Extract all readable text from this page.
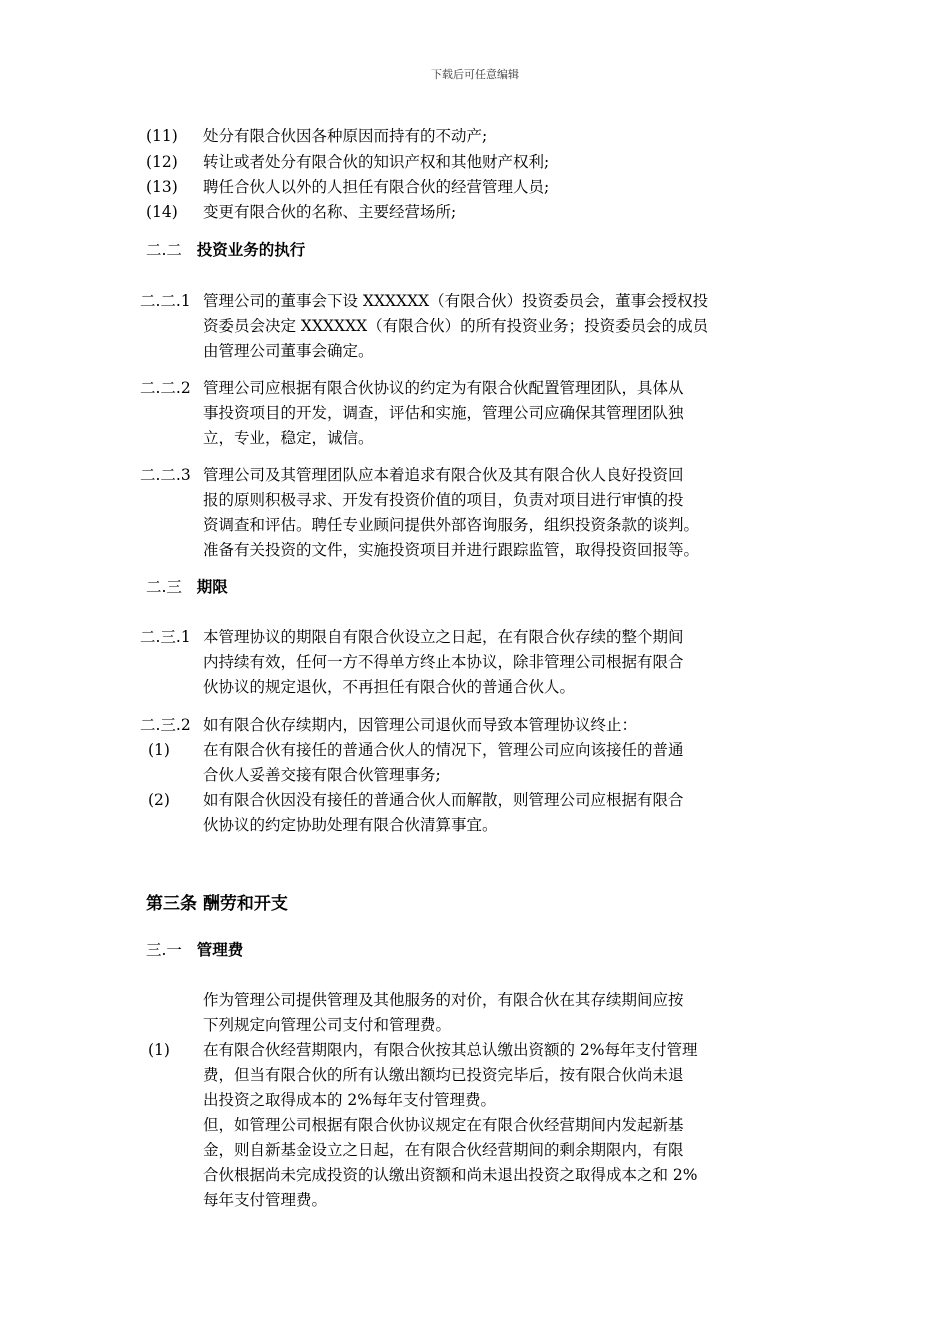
下载后可任意编辑
(11) 处分有限合伙因各种原因而持有的不动产;
(12) 转让或者处分有限合伙的知识产权和其他财产权利;
(13) 聘任合伙人以外的人担任有限合伙的经营管理人员;
(14) 变更有限合伙的名称、主要经营场所;
二.二 投资业务的执行
二.二.1 管理公司的董事会下设 XXXXXX（有限合伙）投资委员会，董事会授权投
资委员会决定 XXXXXX（有限合伙）的所有投资业务；投资委员会的成员
由管理公司董事会确定。
二.二.2 管理公司应根据有限合伙协议的约定为有限合伙配置管理团队，具体从
事投资项目的开发，调查，评估和实施，管理公司应确保其管理团队独
立，专业，稳定，诚信。
二.二.3 管理公司及其管理团队应本着追求有限合伙及其有限合伙人良好投资回
报的原则积极寻求、开发有投资价值的项目，负责对项目进行审慎的投
资调查和评估。聘任专业顾问提供外部咨询服务，组织投资条款的谈判。
准备有关投资的文件，实施投资项目并进行跟踪监管，取得投资回报等。
二.三 期限
二.三.1 本管理协议的期限自有限合伙设立之日起，在有限合伙存续的整个期间
内持续有效，任何一方不得单方终止本协议，除非管理公司根据有限合
伙协议的规定退伙，不再担任有限合伙的普通合伙人。
二.三.2 如有限合伙存续期内，因管理公司退伙而导致本管理协议终止：
(1) 在有限合伙有接任的普通合伙人的情况下，管理公司应向该接任的普通
合伙人妥善交接有限合伙管理事务;
(2) 如有限合伙因没有接任的普通合伙人而解散，则管理公司应根据有限合
伙协议的约定协助处理有限合伙清算事宜。
第三条 酬劳和开支
三.一 管理费
作为管理公司提供管理及其他服务的对价，有限合伙在其存续期间应按
下列规定向管理公司支付和管理费。
(1) 在有限合伙经营期限内，有限合伙按其总认缴出资额的 2%每年支付管理
费，但当有限合伙的所有认缴出额均已投资完毕后，按有限合伙尚未退
出投资之取得成本的 2%每年支付管理费。
但，如管理公司根据有限合伙协议规定在有限合伙经营期间内发起新基
金，则自新基金设立之日起，在有限合伙经营期间的剩余期限内，有限
合伙根据尚未完成投资的认缴出资额和尚未退出投资之取得成本之和 2%
每年支付管理费。
